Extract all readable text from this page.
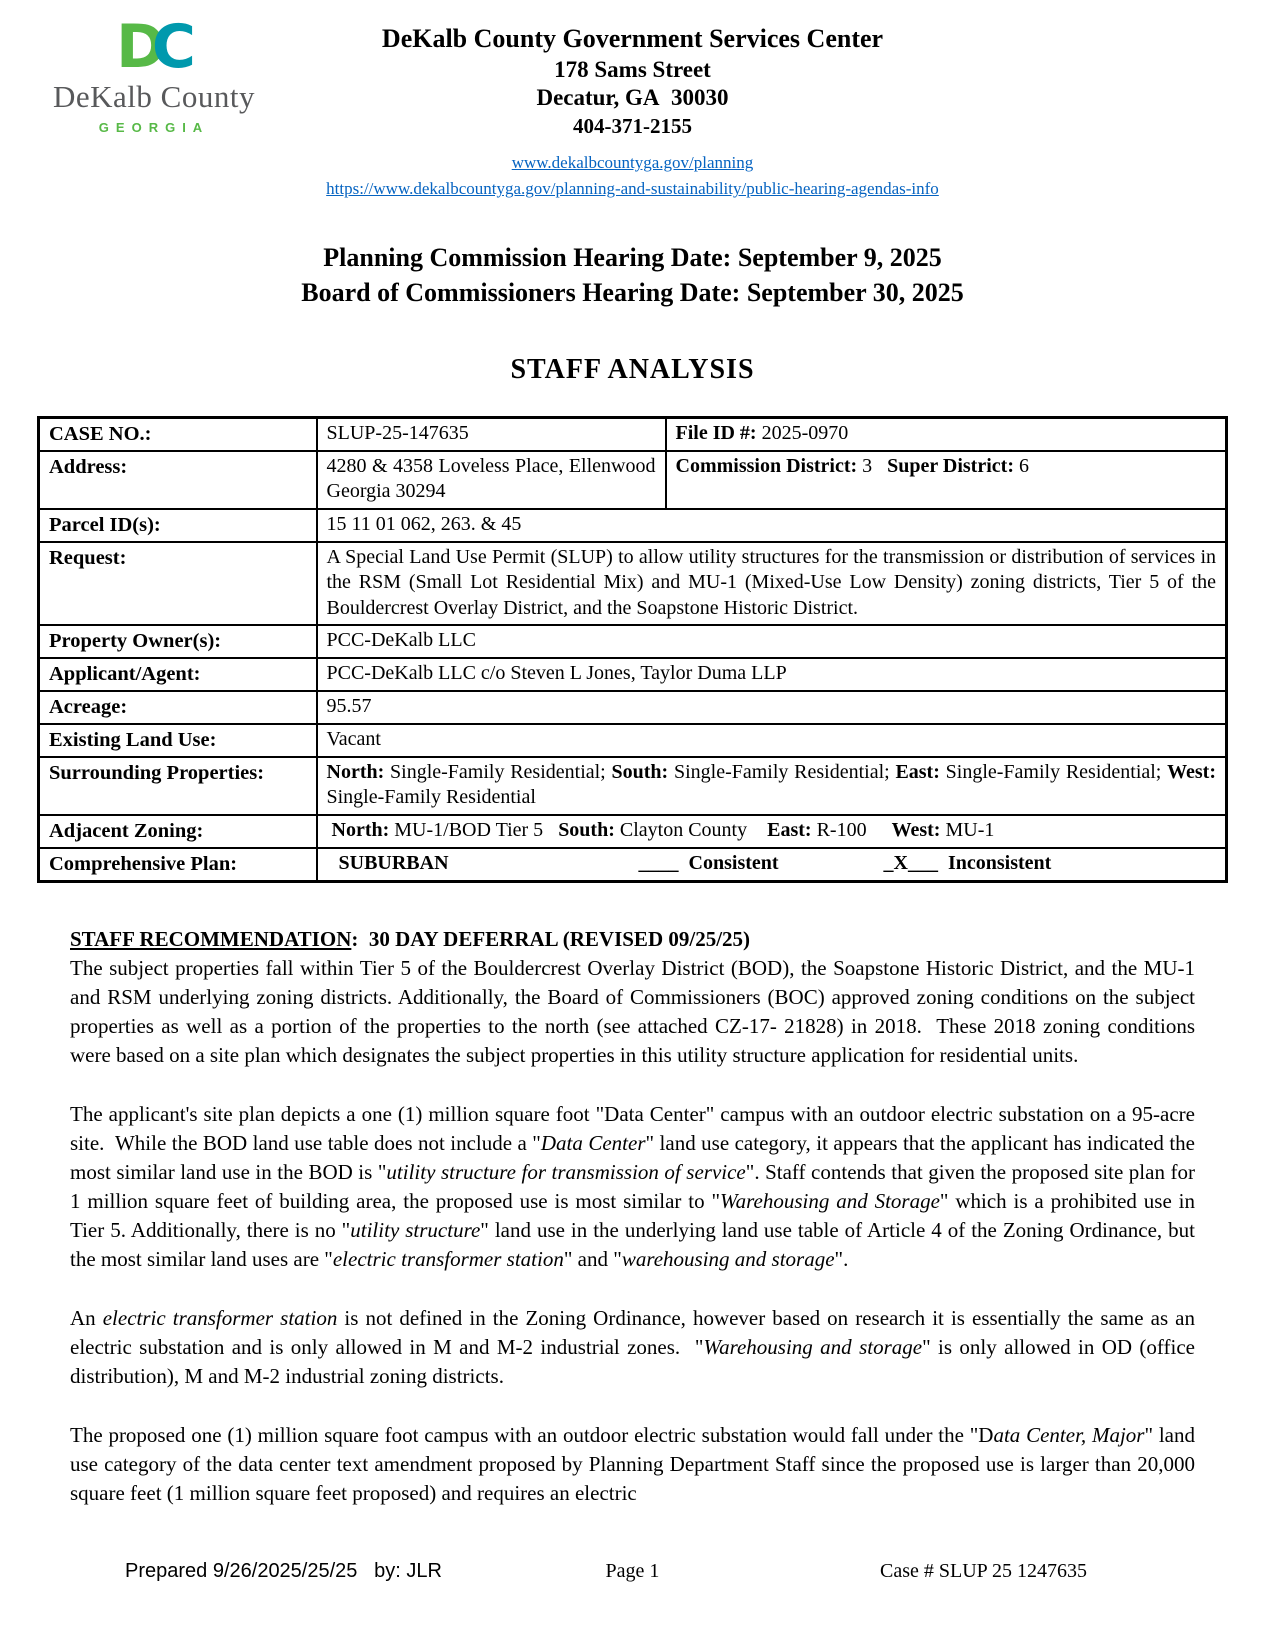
DC
DeKalb County
GEORGIA
DeKalb County Government Services Center
178 Sams Street
Decatur, GA  30030
404-371-2155
www.dekalbcountyga.gov/planning
https://www.dekalbcountyga.gov/planning-and-sustainability/public-hearing-agendas-info
Planning Commission Hearing Date: September 9, 2025
Board of Commissioners Hearing Date: September 30, 2025
STAFF ANALYSIS
CASE NO.:	SLUP-25-147635	File ID #: 2025-0970
Address:	4280 & 4358 Loveless Place, Ellenwood Georgia 30294	Commission District: 3   Super District: 6
Parcel ID(s):	15 11 01 062, 263. & 45	
Request:	A Special Land Use Permit (SLUP) to allow utility structures for the transmission or distribution of services in the RSM (Small Lot Residential Mix) and MU-1 (Mixed-Use Low Density) zoning districts, Tier 5 of the Bouldercrest Overlay District, and the Soapstone Historic District.	
Property Owner(s):	PCC-DeKalb LLC	
Applicant/Agent:	PCC-DeKalb LLC c/o Steven L Jones, Taylor Duma LLP	
Acreage:	95.57	
Existing Land Use:	Vacant	
Surrounding Properties:	North: Single-Family Residential; South: Single-Family Residential; East: Single-Family Residential; West: Single-Family Residential	
Adjacent Zoning:	North: MU-1/BOD Tier 5   South: Clayton County    East: R-100     West: MU-1	
Comprehensive Plan:	SUBURBAN ____  Consistent _X___  Inconsistent	

STAFF RECOMMENDATION:  30 DAY DEFERRAL (REVISED 09/25/25)

The subject properties fall within Tier 5 of the Bouldercrest Overlay District (BOD), the Soapstone Historic District, and the MU-1 and RSM underlying zoning districts. Additionally, the Board of Commissioners (BOC) approved zoning conditions on the subject properties as well as a portion of the properties to the north (see attached CZ-17- 21828) in 2018.  These 2018 zoning conditions were based on a site plan which designates the subject properties in this utility structure application for residential units.

The applicant's site plan depicts a one (1) million square foot "Data Center" campus with an outdoor electric substation on a 95-acre site.  While the BOD land use table does not include a "Data Center" land use category, it appears that the applicant has indicated the most similar land use in the BOD is "utility structure for transmission of service". Staff contends that given the proposed site plan for 1 million square feet of building area, the proposed use is most similar to "Warehousing and Storage" which is a prohibited use in Tier 5. Additionally, there is no "utility structure" land use in the underlying land use table of Article 4 of the Zoning Ordinance, but the most similar land uses are "electric transformer station" and "warehousing and storage".

An electric transformer station is not defined in the Zoning Ordinance, however based on research it is essentially the same as an electric substation and is only allowed in M and M-2 industrial zones.  "Warehousing and storage" is only allowed in OD (office distribution), M and M-2 industrial zoning districts.

The proposed one (1) million square foot campus with an outdoor electric substation would fall under the "Data Center, Major" land use category of the data center text amendment proposed by Planning Department Staff since the proposed use is larger than 20,000 square feet (1 million square feet proposed) and requires an electric

Prepared 9/26/2025/25/25   by: JLR	Page 1	Case # SLUP 25 1247635
